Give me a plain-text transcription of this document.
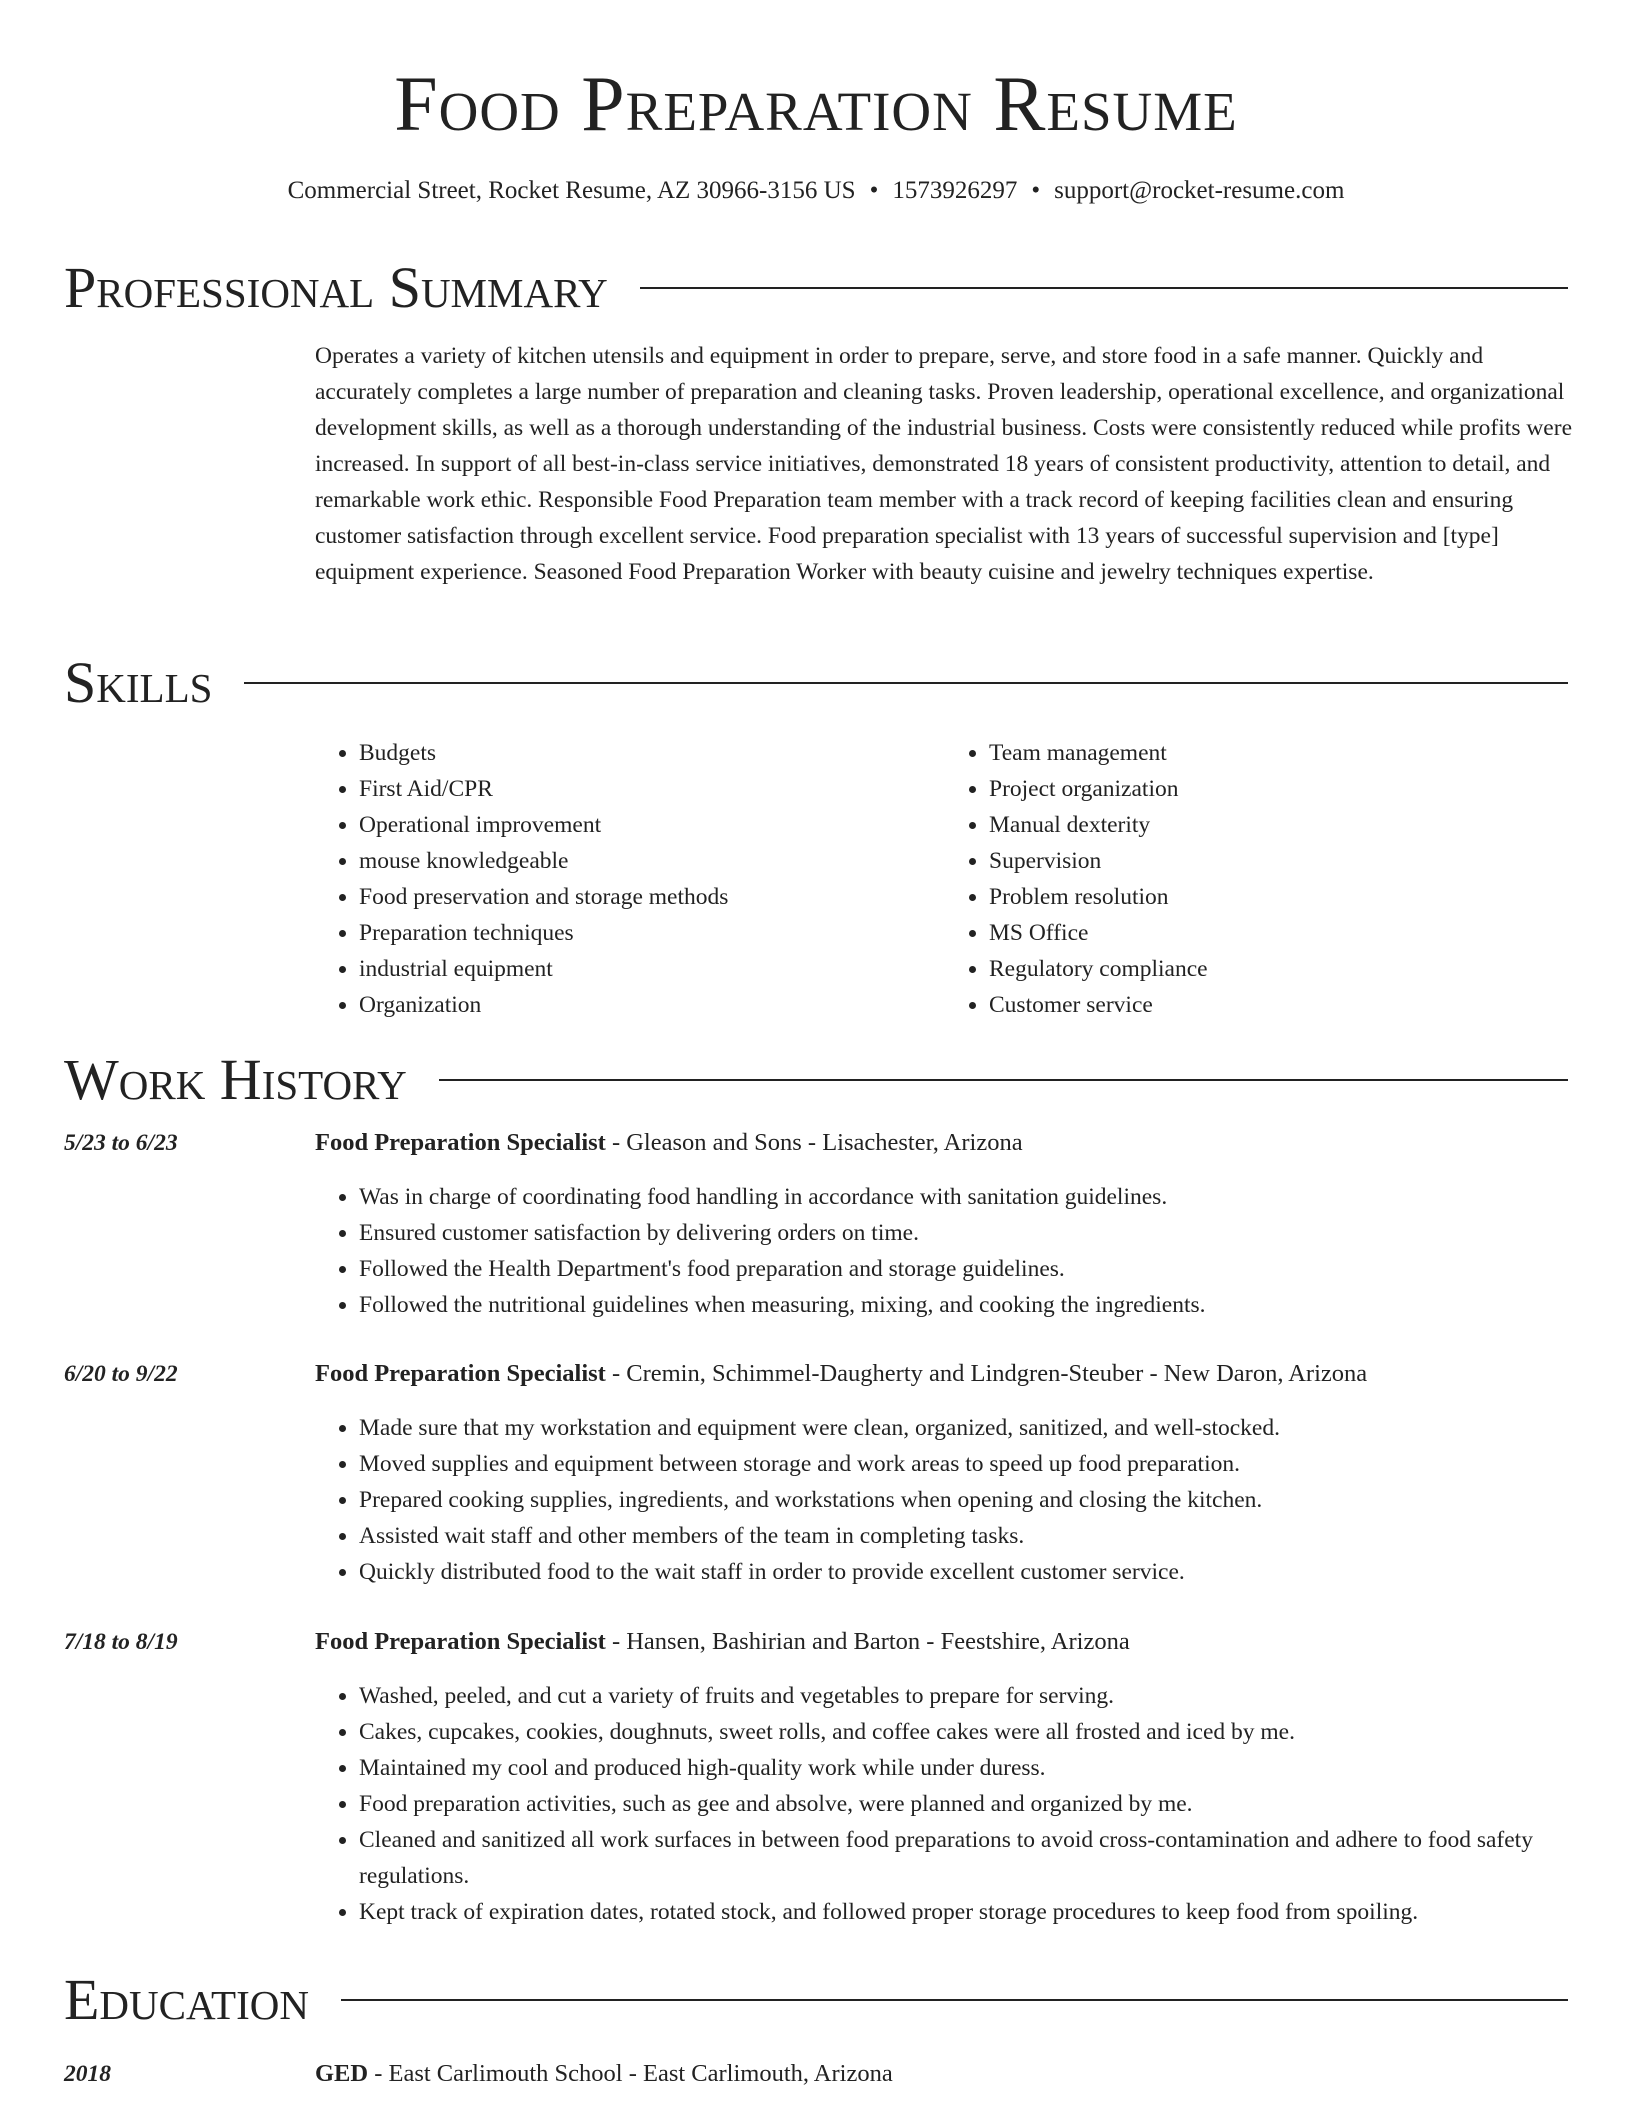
Food Preparation Resume
Commercial Street, Rocket Resume, AZ 30966-3156 US • 1573926297 • support@rocket-resume.com
Professional Summary
Operates a variety of kitchen utensils and equipment in order to prepare, serve, and store food in a safe manner. Quickly and accurately completes a large number of preparation and cleaning tasks. Proven leadership, operational excellence, and organizational development skills, as well as a thorough understanding of the industrial business. Costs were consistently reduced while profits were increased. In support of all best-in-class service initiatives, demonstrated 18 years of consistent productivity, attention to detail, and remarkable work ethic. Responsible Food Preparation team member with a track record of keeping facilities clean and ensuring customer satisfaction through excellent service. Food preparation specialist with 13 years of successful supervision and [type] equipment experience. Seasoned Food Preparation Worker with beauty cuisine and jewelry techniques expertise.
Skills
• Budgets
• First Aid/CPR
• Operational improvement
• mouse knowledgeable
• Food preservation and storage methods
• Preparation techniques
• industrial equipment
• Organization
• Team management
• Project organization
• Manual dexterity
• Supervision
• Problem resolution
• MS Office
• Regulatory compliance
• Customer service
Work History
5/23 to 6/23	Food Preparation Specialist - Gleason and Sons - Lisachester, Arizona
• Was in charge of coordinating food handling in accordance with sanitation guidelines.
• Ensured customer satisfaction by delivering orders on time.
• Followed the Health Department's food preparation and storage guidelines.
• Followed the nutritional guidelines when measuring, mixing, and cooking the ingredients.
6/20 to 9/22	Food Preparation Specialist - Cremin, Schimmel-Daugherty and Lindgren-Steuber - New Daron, Arizona
• Made sure that my workstation and equipment were clean, organized, sanitized, and well-stocked.
• Moved supplies and equipment between storage and work areas to speed up food preparation.
• Prepared cooking supplies, ingredients, and workstations when opening and closing the kitchen.
• Assisted wait staff and other members of the team in completing tasks.
• Quickly distributed food to the wait staff in order to provide excellent customer service.
7/18 to 8/19	Food Preparation Specialist - Hansen, Bashirian and Barton - Feestshire, Arizona
• Washed, peeled, and cut a variety of fruits and vegetables to prepare for serving.
• Cakes, cupcakes, cookies, doughnuts, sweet rolls, and coffee cakes were all frosted and iced by me.
• Maintained my cool and produced high-quality work while under duress.
• Food preparation activities, such as gee and absolve, were planned and organized by me.
• Cleaned and sanitized all work surfaces in between food preparations to avoid cross-contamination and adhere to food safety regulations.
• Kept track of expiration dates, rotated stock, and followed proper storage procedures to keep food from spoiling.
Education
2018	GED - East Carlimouth School - East Carlimouth, Arizona
